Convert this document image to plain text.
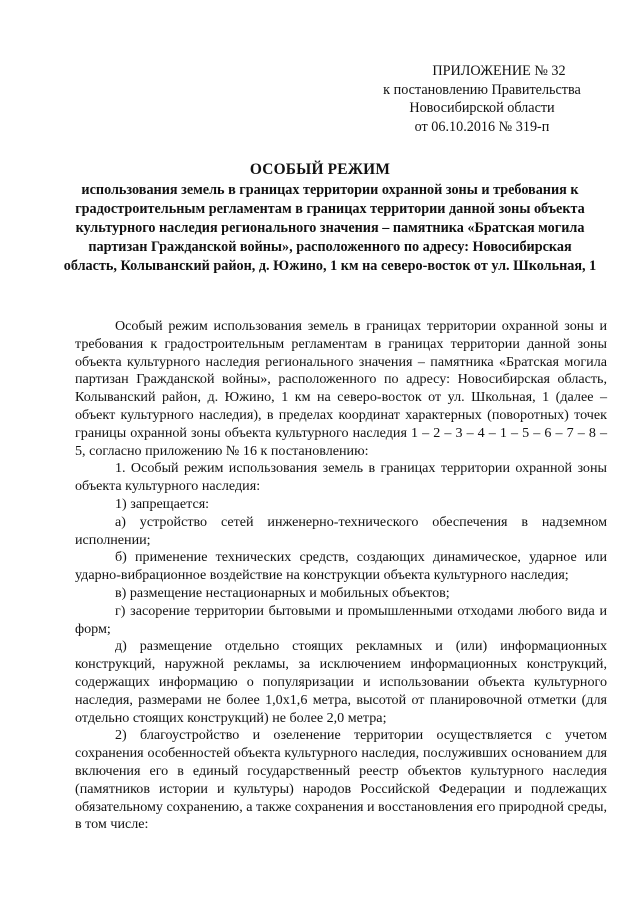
ПРИЛОЖЕНИЕ № 32
к постановлению Правительства
Новосибирской области
от 06.10.2016 № 319-п
ОСОБЫЙ РЕЖИМ
использования земель в границах территории охранной зоны и требования к градостроительным регламентам в границах территории данной зоны объекта культурного наследия регионального значения – памятника «Братская могила партизан Гражданской войны», расположенного по адресу: Новосибирская область, Колыванский район, д. Южино, 1 км на северо-восток от ул. Школьная, 1

Особый режим использования земель в границах территории охранной зоны и требования к градостроительным регламентам в границах территории данной зоны объекта культурного наследия регионального значения – памятника «Братская могила партизан Гражданской войны», расположенного по адресу: Новосибирская область, Колыванский район, д. Южино, 1 км на северо-восток от ул. Школьная, 1 (далее – объект культурного наследия), в пределах координат характерных (поворотных) точек границы охранной зоны объекта культурного наследия 1 – 2 – 3 – 4 – 1 – 5 – 6 – 7 – 8 – 5, согласно приложению № 16 к постановлению:

1. Особый режим использования земель в границах территории охранной зоны объекта культурного наследия:

1) запрещается:

а) устройство сетей инженерно-технического обеспечения в надземном исполнении;

б) применение технических средств, создающих динамическое, ударное или ударно-вибрационное воздействие на конструкции объекта культурного наследия;

в) размещение нестационарных и мобильных объектов;

г) засорение территории бытовыми и промышленными отходами любого вида и форм;

д) размещение отдельно стоящих рекламных и (или) информационных конструкций, наружной рекламы, за исключением информационных конструкций, содержащих информацию о популяризации и использовании объекта культурного наследия, размерами не более 1,0х1,6 метра, высотой от планировочной отметки (для отдельно стоящих конструкций) не более 2,0 метра;

2) благоустройство и озеленение территории осуществляется с учетом сохранения особенностей объекта культурного наследия, послуживших основанием для включения его в единый государственный реестр объектов культурного наследия (памятников истории и культуры) народов Российской Федерации и подлежащих обязательному сохранению, а также сохранения и восстановления его природной среды, в том числе:
